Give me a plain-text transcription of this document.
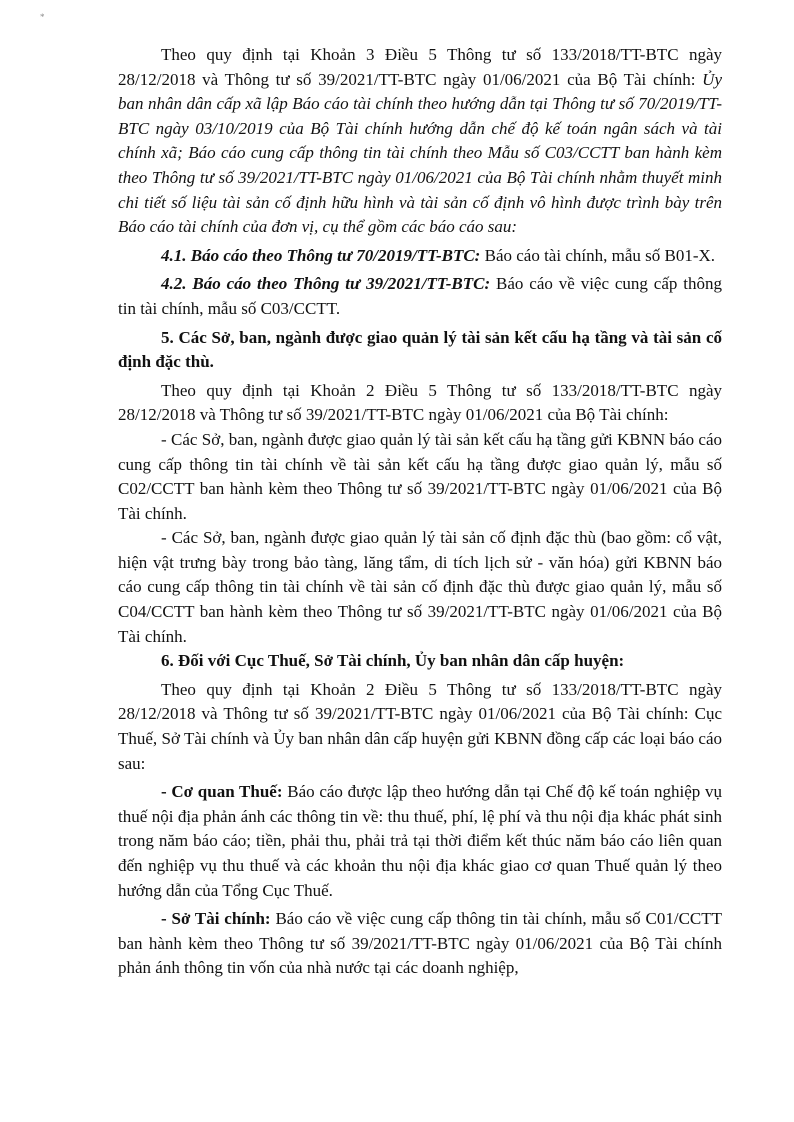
*

Theo quy định tại Khoản 3 Điều 5 Thông tư số 133/2018/TT-BTC ngày 28/12/2018 và Thông tư số 39/2021/TT-BTC ngày 01/06/2021 của Bộ Tài chính: Ủy ban nhân dân cấp xã lập Báo cáo tài chính theo hướng dẫn tại Thông tư số 70/2019/TT-BTC ngày 03/10/2019 của Bộ Tài chính hướng dẫn chế độ kế toán ngân sách và tài chính xã; Báo cáo cung cấp thông tin tài chính theo Mẫu số C03/CCTT ban hành kèm theo Thông tư số 39/2021/TT-BTC ngày 01/06/2021 của Bộ Tài chính nhằm thuyết minh chi tiết số liệu tài sản cố định hữu hình và tài sản cố định vô hình được trình bày trên Báo cáo tài chính của đơn vị, cụ thể gồm các báo cáo sau:

4.1. Báo cáo theo Thông tư 70/2019/TT-BTC: Báo cáo tài chính, mẫu số B01-X.

4.2. Báo cáo theo Thông tư 39/2021/TT-BTC: Báo cáo về việc cung cấp thông tin tài chính, mẫu số C03/CCTT.

5. Các Sở, ban, ngành được giao quản lý tài sản kết cấu hạ tầng và tài sản cố định đặc thù.

Theo quy định tại Khoản 2 Điều 5 Thông tư số 133/2018/TT-BTC ngày 28/12/2018 và Thông tư số 39/2021/TT-BTC ngày 01/06/2021 của Bộ Tài chính:

- Các Sở, ban, ngành được giao quản lý tài sản kết cấu hạ tầng gửi KBNN báo cáo cung cấp thông tin tài chính về tài sản kết cấu hạ tầng được giao quản lý, mẫu số C02/CCTT ban hành kèm theo Thông tư số 39/2021/TT-BTC ngày 01/06/2021 của Bộ Tài chính.

- Các Sở, ban, ngành được giao quản lý tài sản cố định đặc thù (bao gồm: cổ vật, hiện vật trưng bày trong bảo tàng, lăng tẩm, di tích lịch sử - văn hóa) gửi KBNN báo cáo cung cấp thông tin tài chính về tài sản cố định đặc thù được giao quản lý, mẫu số C04/CCTT ban hành kèm theo Thông tư số 39/2021/TT-BTC ngày 01/06/2021 của Bộ Tài chính.

6. Đối với Cục Thuế, Sở Tài chính, Ủy ban nhân dân cấp huyện:

Theo quy định tại Khoản 2 Điều 5 Thông tư số 133/2018/TT-BTC ngày 28/12/2018 và Thông tư số 39/2021/TT-BTC ngày 01/06/2021 của Bộ Tài chính: Cục Thuế, Sở Tài chính và Ủy ban nhân dân cấp huyện gửi KBNN đồng cấp các loại báo cáo sau:

- Cơ quan Thuế: Báo cáo được lập theo hướng dẫn tại Chế độ kế toán nghiệp vụ thuế nội địa phản ánh các thông tin về: thu thuế, phí, lệ phí và thu nội địa khác phát sinh trong năm báo cáo; tiền, phải thu, phải trả tại thời điểm kết thúc năm báo cáo liên quan đến nghiệp vụ thu thuế và các khoản thu nội địa khác giao cơ quan Thuế quản lý theo hướng dẫn của Tổng Cục Thuế.

- Sở Tài chính: Báo cáo về việc cung cấp thông tin tài chính, mẫu số C01/CCTT ban hành kèm theo Thông tư số 39/2021/TT-BTC ngày 01/06/2021 của Bộ Tài chính phản ánh thông tin vốn của nhà nước tại các doanh nghiệp,
